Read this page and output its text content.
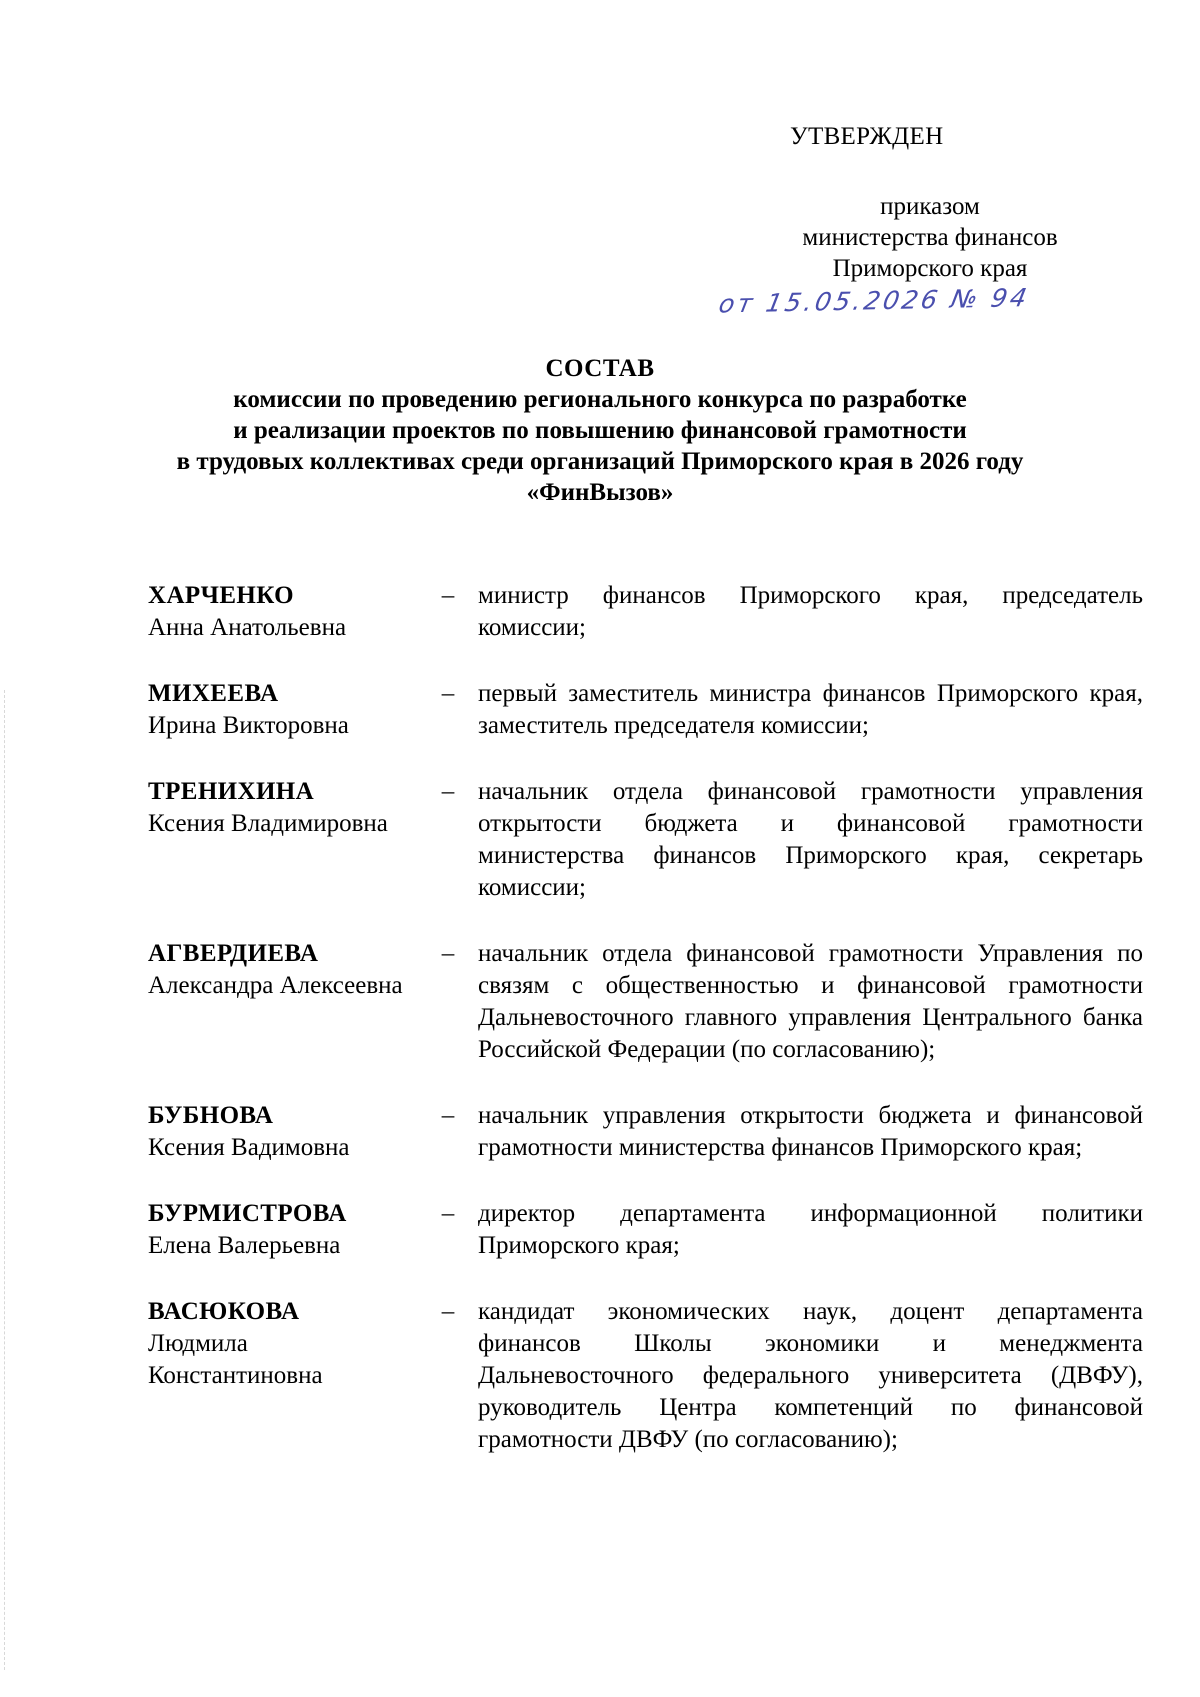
УТВЕРЖДЕН
приказом
министерства финансов
Приморского края
от 15.05.2026 № 94
СОСТАВ
комиссии по проведению регионального конкурса по разработке
и реализации проектов по повышению финансовой грамотности
в трудовых коллективах среди организаций Приморского края в 2026 году
«ФинВызов»
ХАРЧЕНКО
Анна Анатольевна
– министр финансов Приморского края, председатель комиссии;
МИХЕЕВА
Ирина Викторовна
– первый заместитель министра финансов Приморского края, заместитель председателя комиссии;
ТРЕНИХИНА
Ксения Владимировна
– начальник отдела финансовой грамотности управления открытости бюджета и финансовой грамотности министерства финансов Приморского края, секретарь комиссии;
АГВЕРДИЕВА
Александра Алексеевна
– начальник отдела финансовой грамотности Управления по связям с общественностью и финансовой грамотности Дальневосточного главного управления Центрального банка Российской Федерации (по согласованию);
БУБНОВА
Ксения Вадимовна
– начальник управления открытости бюджета и финансовой грамотности министерства финансов Приморского края;
БУРМИСТРОВА
Елена Валерьевна
– директор департамента информационной политики Приморского края;
ВАСЮКОВА
Людмила Константиновна
– кандидат экономических наук, доцент департамента финансов Школы экономики и менеджмента Дальневосточного федерального университета (ДВФУ), руководитель Центра компетенций по финансовой грамотности ДВФУ (по согласованию);
